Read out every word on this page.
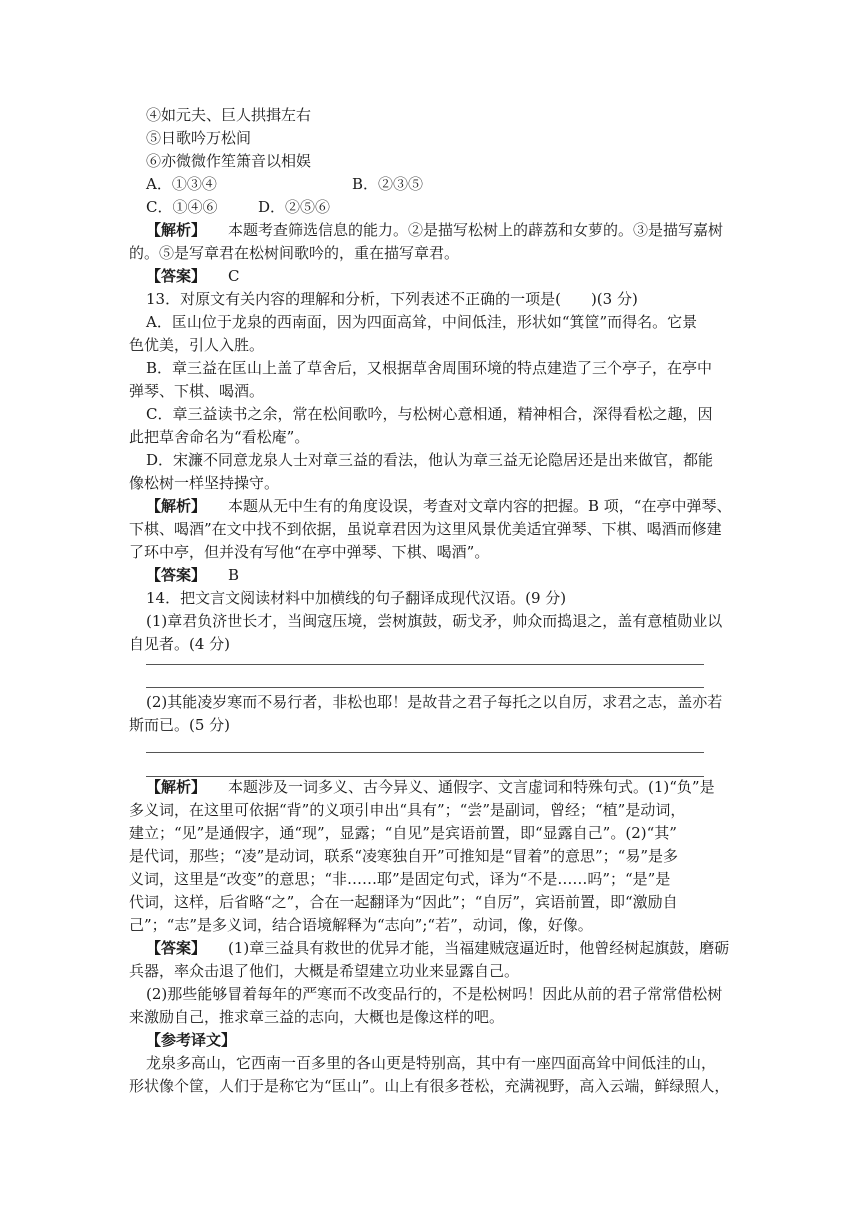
④如元夫、巨人拱揖左右
⑤日歌吟万松间
⑥亦微微作笙箫音以相娱
A．①③④	B．②③⑤
C．①④⑥	D．②⑤⑥
【解析】 本题考查筛选信息的能力。②是描写松树上的薜荔和女萝的。③是描写嘉树
的。⑤是写章君在松树间歌吟的，重在描写章君。
【答案】 C
13．对原文有关内容的理解和分析，下列表述不正确的一项是(　　)(3 分)
A．匡山位于龙泉的西南面，因为四面高耸，中间低洼，形状如“箕筐”而得名。它景
色优美，引人入胜。
B．章三益在匡山上盖了草舍后，又根据草舍周围环境的特点建造了三个亭子，在亭中
弹琴、下棋、喝酒。
C．章三益读书之余，常在松间歌吟，与松树心意相通，精神相合，深得看松之趣，因
此把草舍命名为“看松庵”。
D．宋濂不同意龙泉人士对章三益的看法，他认为章三益无论隐居还是出来做官，都能
像松树一样坚持操守。
【解析】 本题从无中生有的角度设误，考查对文章内容的把握。B 项，“在亭中弹琴、
下棋、喝酒”在文中找不到依据，虽说章君因为这里风景优美适宜弹琴、下棋、喝酒而修建
了环中亭，但并没有写他“在亭中弹琴、下棋、喝酒”。
【答案】 B
14．把文言文阅读材料中加横线的句子翻译成现代汉语。(9 分)
(1)章君负济世长才，当闽寇压境，尝树旗鼓，砺戈矛，帅众而捣退之，盖有意植勋业以
自见者。(4 分)
(2)其能凌岁寒而不易行者，非松也耶！是故昔之君子每托之以自厉，求君之志，盖亦若
斯而已。(5 分)
【解析】 本题涉及一词多义、古今异义、通假字、文言虚词和特殊句式。(1)“负”是
多义词，在这里可依据“背”的义项引申出“具有”；“尝”是副词，曾经；“植”是动词，
建立；“见”是通假字，通“现”，显露；“自见”是宾语前置，即“显露自己”。(2)“其”
是代词，那些；“凌”是动词，联系“凌寒独自开”可推知是“冒着”的意思”；“易”是多
义词，这里是“改变”的意思；“非……耶”是固定句式，译为“不是……吗”；“是”是
代词，这样，后省略“之”，合在一起翻译为“因此”；“自厉”，宾语前置，即“激励自
己”；“志”是多义词，结合语境解释为“志向”;“若”，动词，像，好像。
【答案】 (1)章三益具有救世的优异才能，当福建贼寇逼近时，他曾经树起旗鼓，磨砺
兵器，率众击退了他们，大概是希望建立功业来显露自己。
(2)那些能够冒着每年的严寒而不改变品行的，不是松树吗！因此从前的君子常常借松树
来激励自己，推求章三益的志向，大概也是像这样的吧。
【参考译文】
龙泉多高山，它西南一百多里的各山更是特别高，其中有一座四面高耸中间低洼的山，
形状像个筐，人们于是称它为“匡山”。山上有很多苍松，充满视野，高入云端，鲜绿照人，
